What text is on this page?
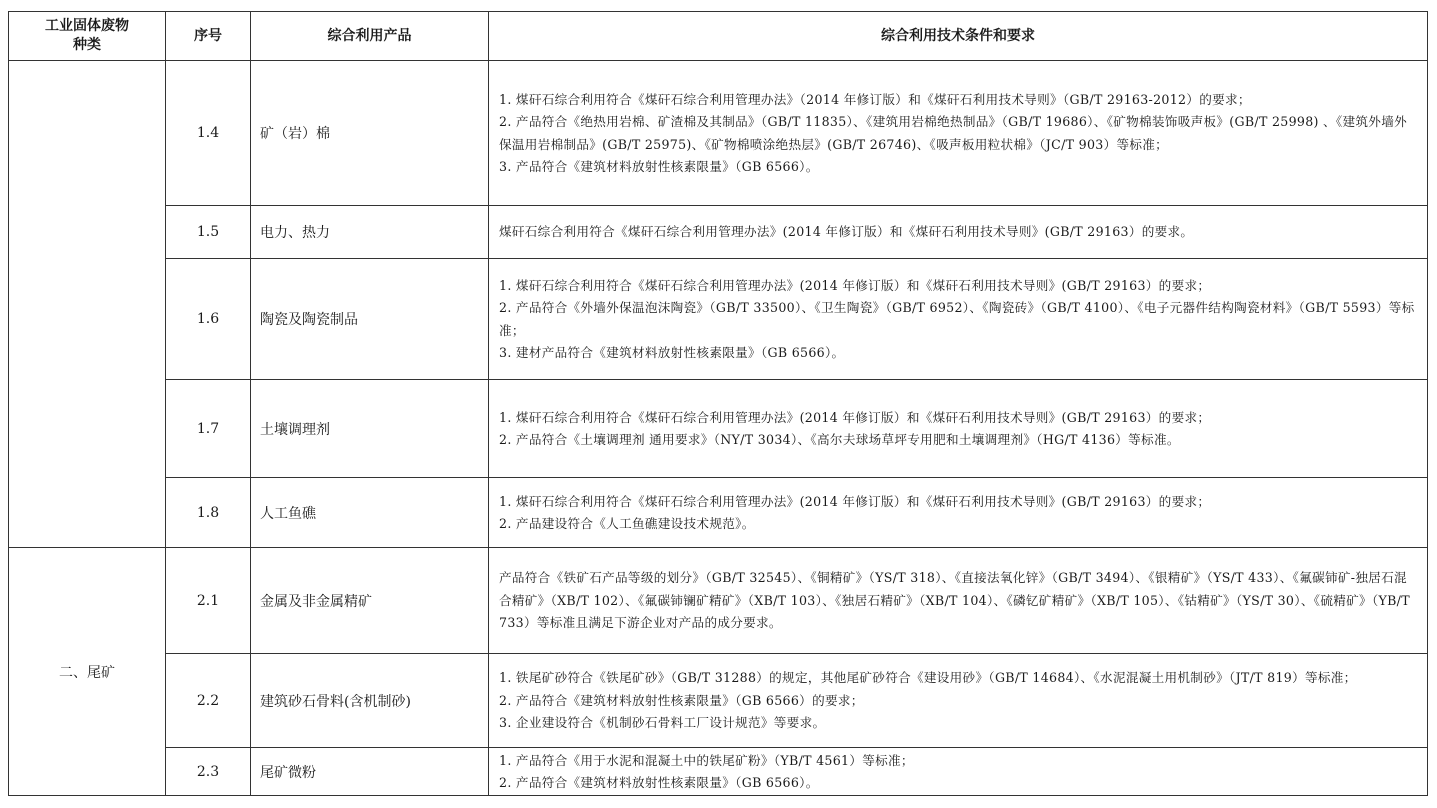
工业固体废物
种类	序号	综合利用产品	综合利用技术条件和要求
	1.4	矿（岩）棉	1. 煤矸石综合利用符合《煤矸石综合利用管理办法》（2014 年修订版）和《煤矸石利用技术导则》（GB/T 29163-2012）的要求；
2. 产品符合《绝热用岩棉、矿渣棉及其制品》（GB/T 11835）、《建筑用岩棉绝热制品》（GB/T 19686）、《矿物棉装饰吸声板》(GB/T 25998) 、《建筑外墙外保温用岩棉制品》(GB/T 25975)、《矿物棉喷涂绝热层》(GB/T 26746)、《吸声板用粒状棉》（JC/T 903）等标准；
3. 产品符合《建筑材料放射性核素限量》（GB 6566）。

	1.5	电力、热力	煤矸石综合利用符合《煤矸石综合利用管理办法》(2014 年修订版）和《煤矸石利用技术导则》(GB/T 29163）的要求。

	1.6	陶瓷及陶瓷制品	1. 煤矸石综合利用符合《煤矸石综合利用管理办法》(2014 年修订版）和《煤矸石利用技术导则》(GB/T 29163）的要求；
2. 产品符合《外墙外保温泡沫陶瓷》（GB/T 33500）、《卫生陶瓷》（GB/T 6952）、《陶瓷砖》（GB/T 4100）、《电子元器件结构陶瓷材料》（GB/T 5593）等标准；
3. 建材产品符合《建筑材料放射性核素限量》（GB 6566）。

	1.7	土壤调理剂	1. 煤矸石综合利用符合《煤矸石综合利用管理办法》(2014 年修订版）和《煤矸石利用技术导则》(GB/T 29163）的要求；
2. 产品符合《土壤调理剂 通用要求》（NY/T 3034）、《高尔夫球场草坪专用肥和土壤调理剂》（HG/T 4136）等标准。

	1.8	人工鱼礁	1. 煤矸石综合利用符合《煤矸石综合利用管理办法》(2014 年修订版）和《煤矸石利用技术导则》(GB/T 29163）的要求；
2. 产品建设符合《人工鱼礁建设技术规范》。

二、尾矿	2.1	金属及非金属精矿	产品符合《铁矿石产品等级的划分》（GB/T 32545）、《铜精矿》（YS/T 318）、《直接法氧化锌》（GB/T 3494）、《银精矿》（YS/T 433）、《氟碳铈矿-独居石混合精矿》（XB/T 102）、《氟碳铈镧矿精矿》（XB/T 103）、《独居石精矿》（XB/T 104）、《磷钇矿精矿》（XB/T 105）、《钴精矿》（YS/T 30）、《硫精矿》（YB/T 733）等标准且满足下游企业对产品的成分要求。

	2.2	建筑砂石骨料(含机制砂)	1. 铁尾矿砂符合《铁尾矿砂》（GB/T 31288）的规定，其他尾矿砂符合《建设用砂》（GB/T 14684）、《水泥混凝土用机制砂》（JT/T 819）等标准；
2. 产品符合《建筑材料放射性核素限量》（GB 6566）的要求；
3. 企业建设符合《机制砂石骨料工厂设计规范》等要求。

	2.3	尾矿微粉	1. 产品符合《用于水泥和混凝土中的铁尾矿粉》（YB/T 4561）等标准；
2. 产品符合《建筑材料放射性核素限量》（GB 6566）。
